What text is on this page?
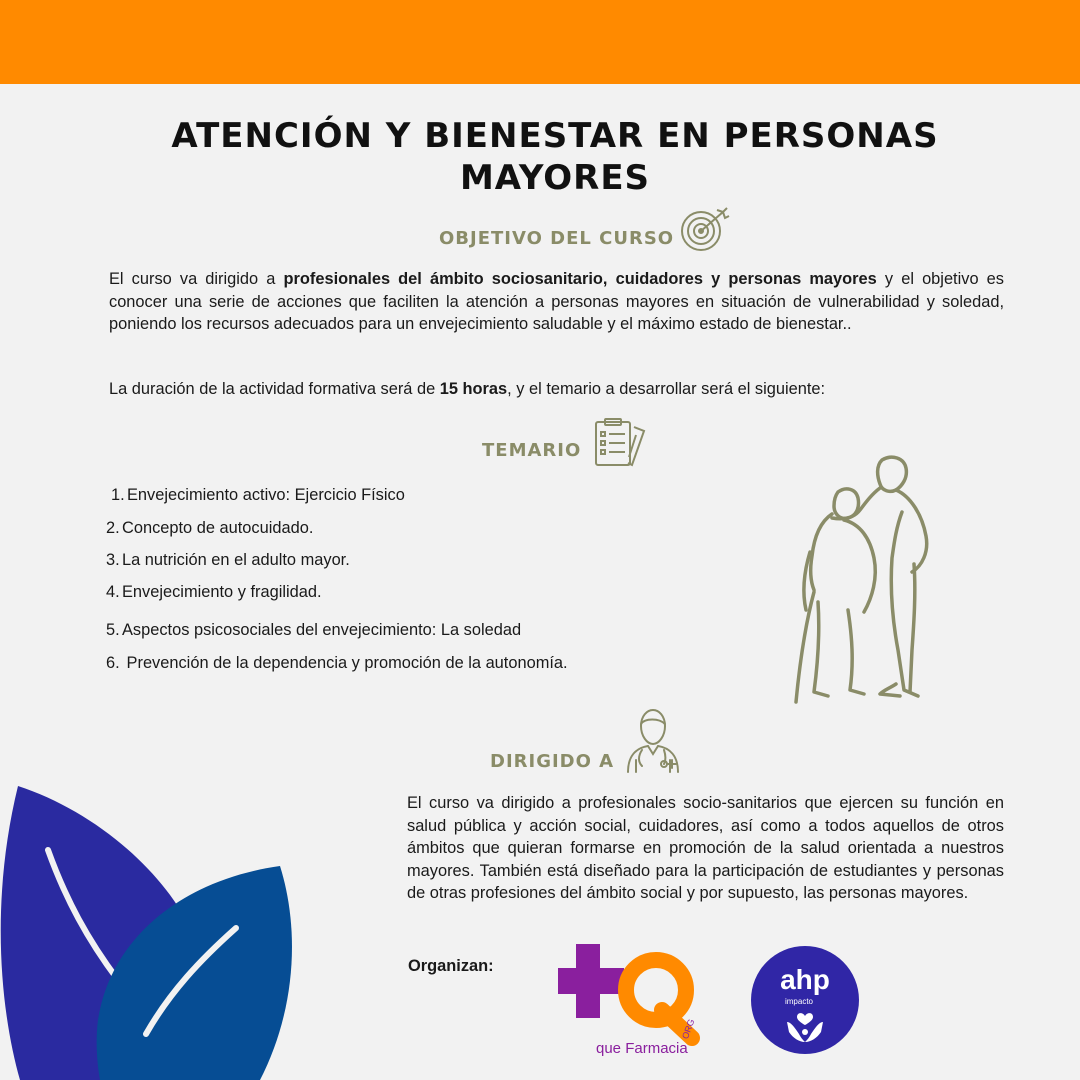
ATENCIÓN Y BIENESTAR EN PERSONAS MAYORES
OBJETIVO DEL CURSO
El curso va dirigido a profesionales del ámbito sociosanitario, cuidadores y personas mayores y el objetivo es conocer una serie de acciones que faciliten la atención a personas mayores en situación de vulnerabilidad y soledad, poniendo los recursos adecuados para un envejecimiento saludable y el máximo estado de bienestar..
La duración de la actividad formativa será de 15 horas, y el temario a desarrollar será el siguiente:
TEMARIO
1. Envejecimiento activo: Ejercicio Físico
2. Concepto de autocuidado.
3. La nutrición en el adulto mayor.
4. Envejecimiento y fragilidad.
5. Aspectos psicosociales del envejecimiento: La soledad
6. Prevención de la dependencia y promoción de la autonomía.
DIRIGIDO A
El curso va dirigido a profesionales socio-sanitarios que ejercen su función en salud pública y acción social, cuidadores, así como a todos aquellos de otros ámbitos que quieran formarse en promoción de la salud orientada a nuestros mayores. También está diseñado para la participación de estudiantes y personas de otras profesiones del ámbito social y por supuesto, las personas mayores.
Organizan:
ORG
que Farmacia
ahp
impacto
